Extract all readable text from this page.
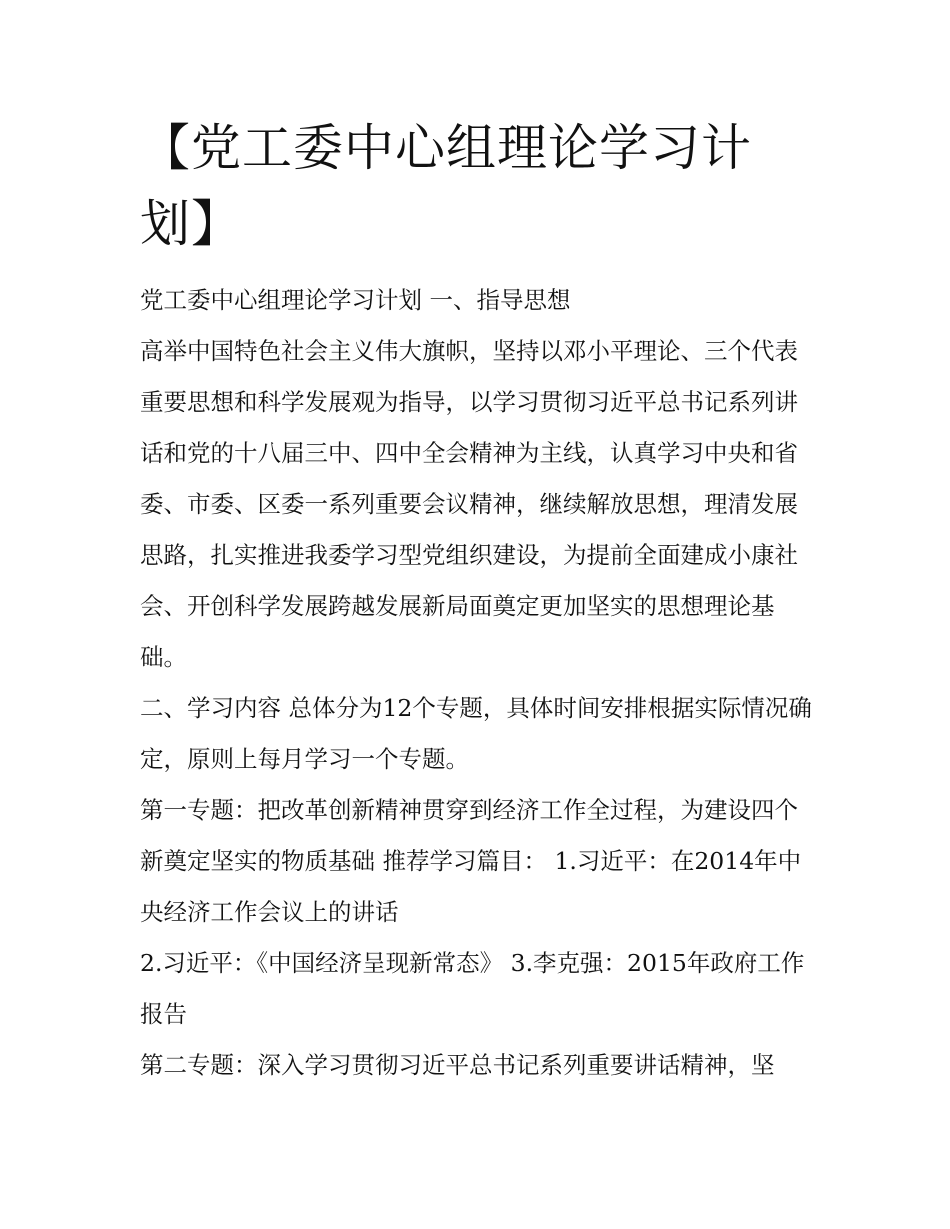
【党工委中心组理论学习计划】

党工委中心组理论学习计划 一、指导思想

高举中国特色社会主义伟大旗帜，坚持以邓小平理论、三个代表重要思想和科学发展观为指导，以学习贯彻习近平总书记系列讲话和党的十八届三中、四中全会精神为主线，认真学习中央和省委、市委、区委一系列重要会议精神，继续解放思想，理清发展思路，扎实推进我委学习型党组织建设，为提前全面建成小康社会、开创科学发展跨越发展新局面奠定更加坚实的思想理论基础。

二、学习内容 总体分为12个专题，具体时间安排根据实际情况确定，原则上每月学习一个专题。

第一专题：把改革创新精神贯穿到经济工作全过程，为建设四个新奠定坚实的物质基础 推荐学习篇目： 1.习近平：在2014年中央经济工作会议上的讲话

2.习近平：《中国经济呈现新常态》 3.李克强：2015年政府工作报告

第二专题：深入学习贯彻习近平总书记系列重要讲话精神，坚
